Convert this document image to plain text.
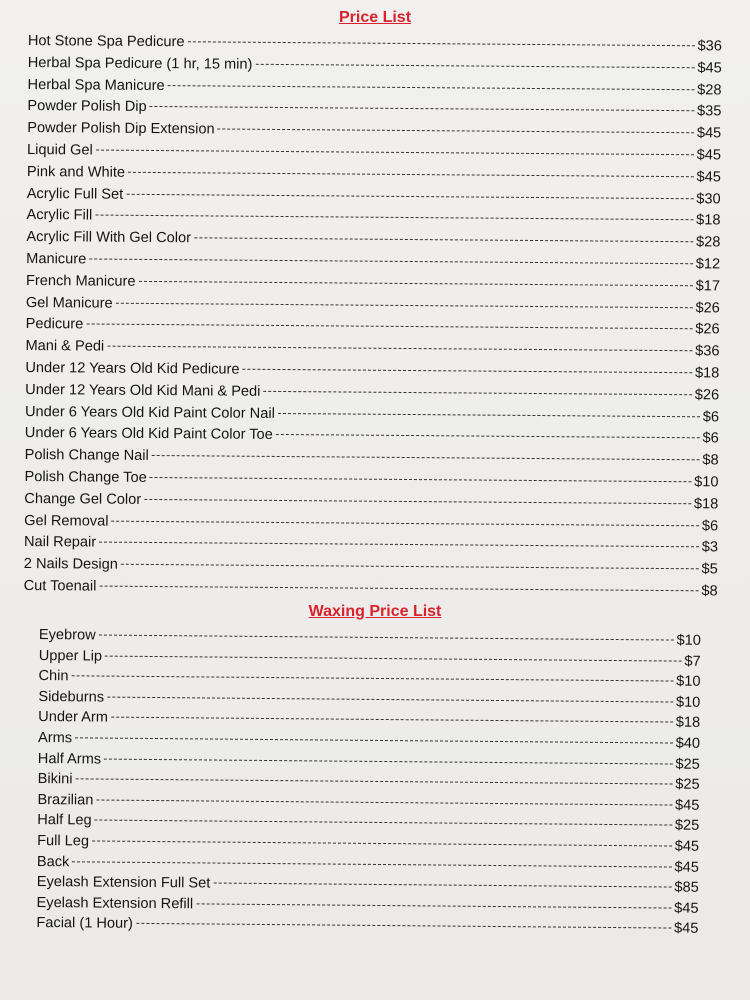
Price List
Hot Stone Spa Pedicure	$36
Herbal Spa Pedicure (1 hr, 15 min)	$45
Herbal Spa Manicure	$28
Powder Polish Dip	$35
Powder Polish Dip Extension	$45
Liquid Gel	$45
Pink and White	$45
Acrylic Full Set	$30
Acrylic Fill	$18
Acrylic Fill With Gel Color	$28
Manicure	$12
French Manicure	$17
Gel Manicure	$26
Pedicure	$26
Mani & Pedi	$36
Under 12 Years Old Kid Pedicure	$18
Under 12 Years Old Kid Mani & Pedi	$26
Under 6 Years Old Kid Paint Color Nail	$6
Under 6 Years Old Kid Paint Color Toe	$6
Polish Change Nail	$8
Polish Change Toe	$10
Change Gel Color	$18
Gel Removal	$6
Nail Repair	$3
2 Nails Design	$5
Cut Toenail	$8
Waxing Price List
Eyebrow	$10
Upper Lip	$7
Chin	$10
Sideburns	$10
Under Arm	$18
Arms	$40
Half Arms	$25
Bikini	$25
Brazilian	$45
Half Leg	$25
Full Leg	$45
Back	$45
Eyelash Extension Full Set	$85
Eyelash Extension Refill	$45
Facial (1 Hour)	$45
